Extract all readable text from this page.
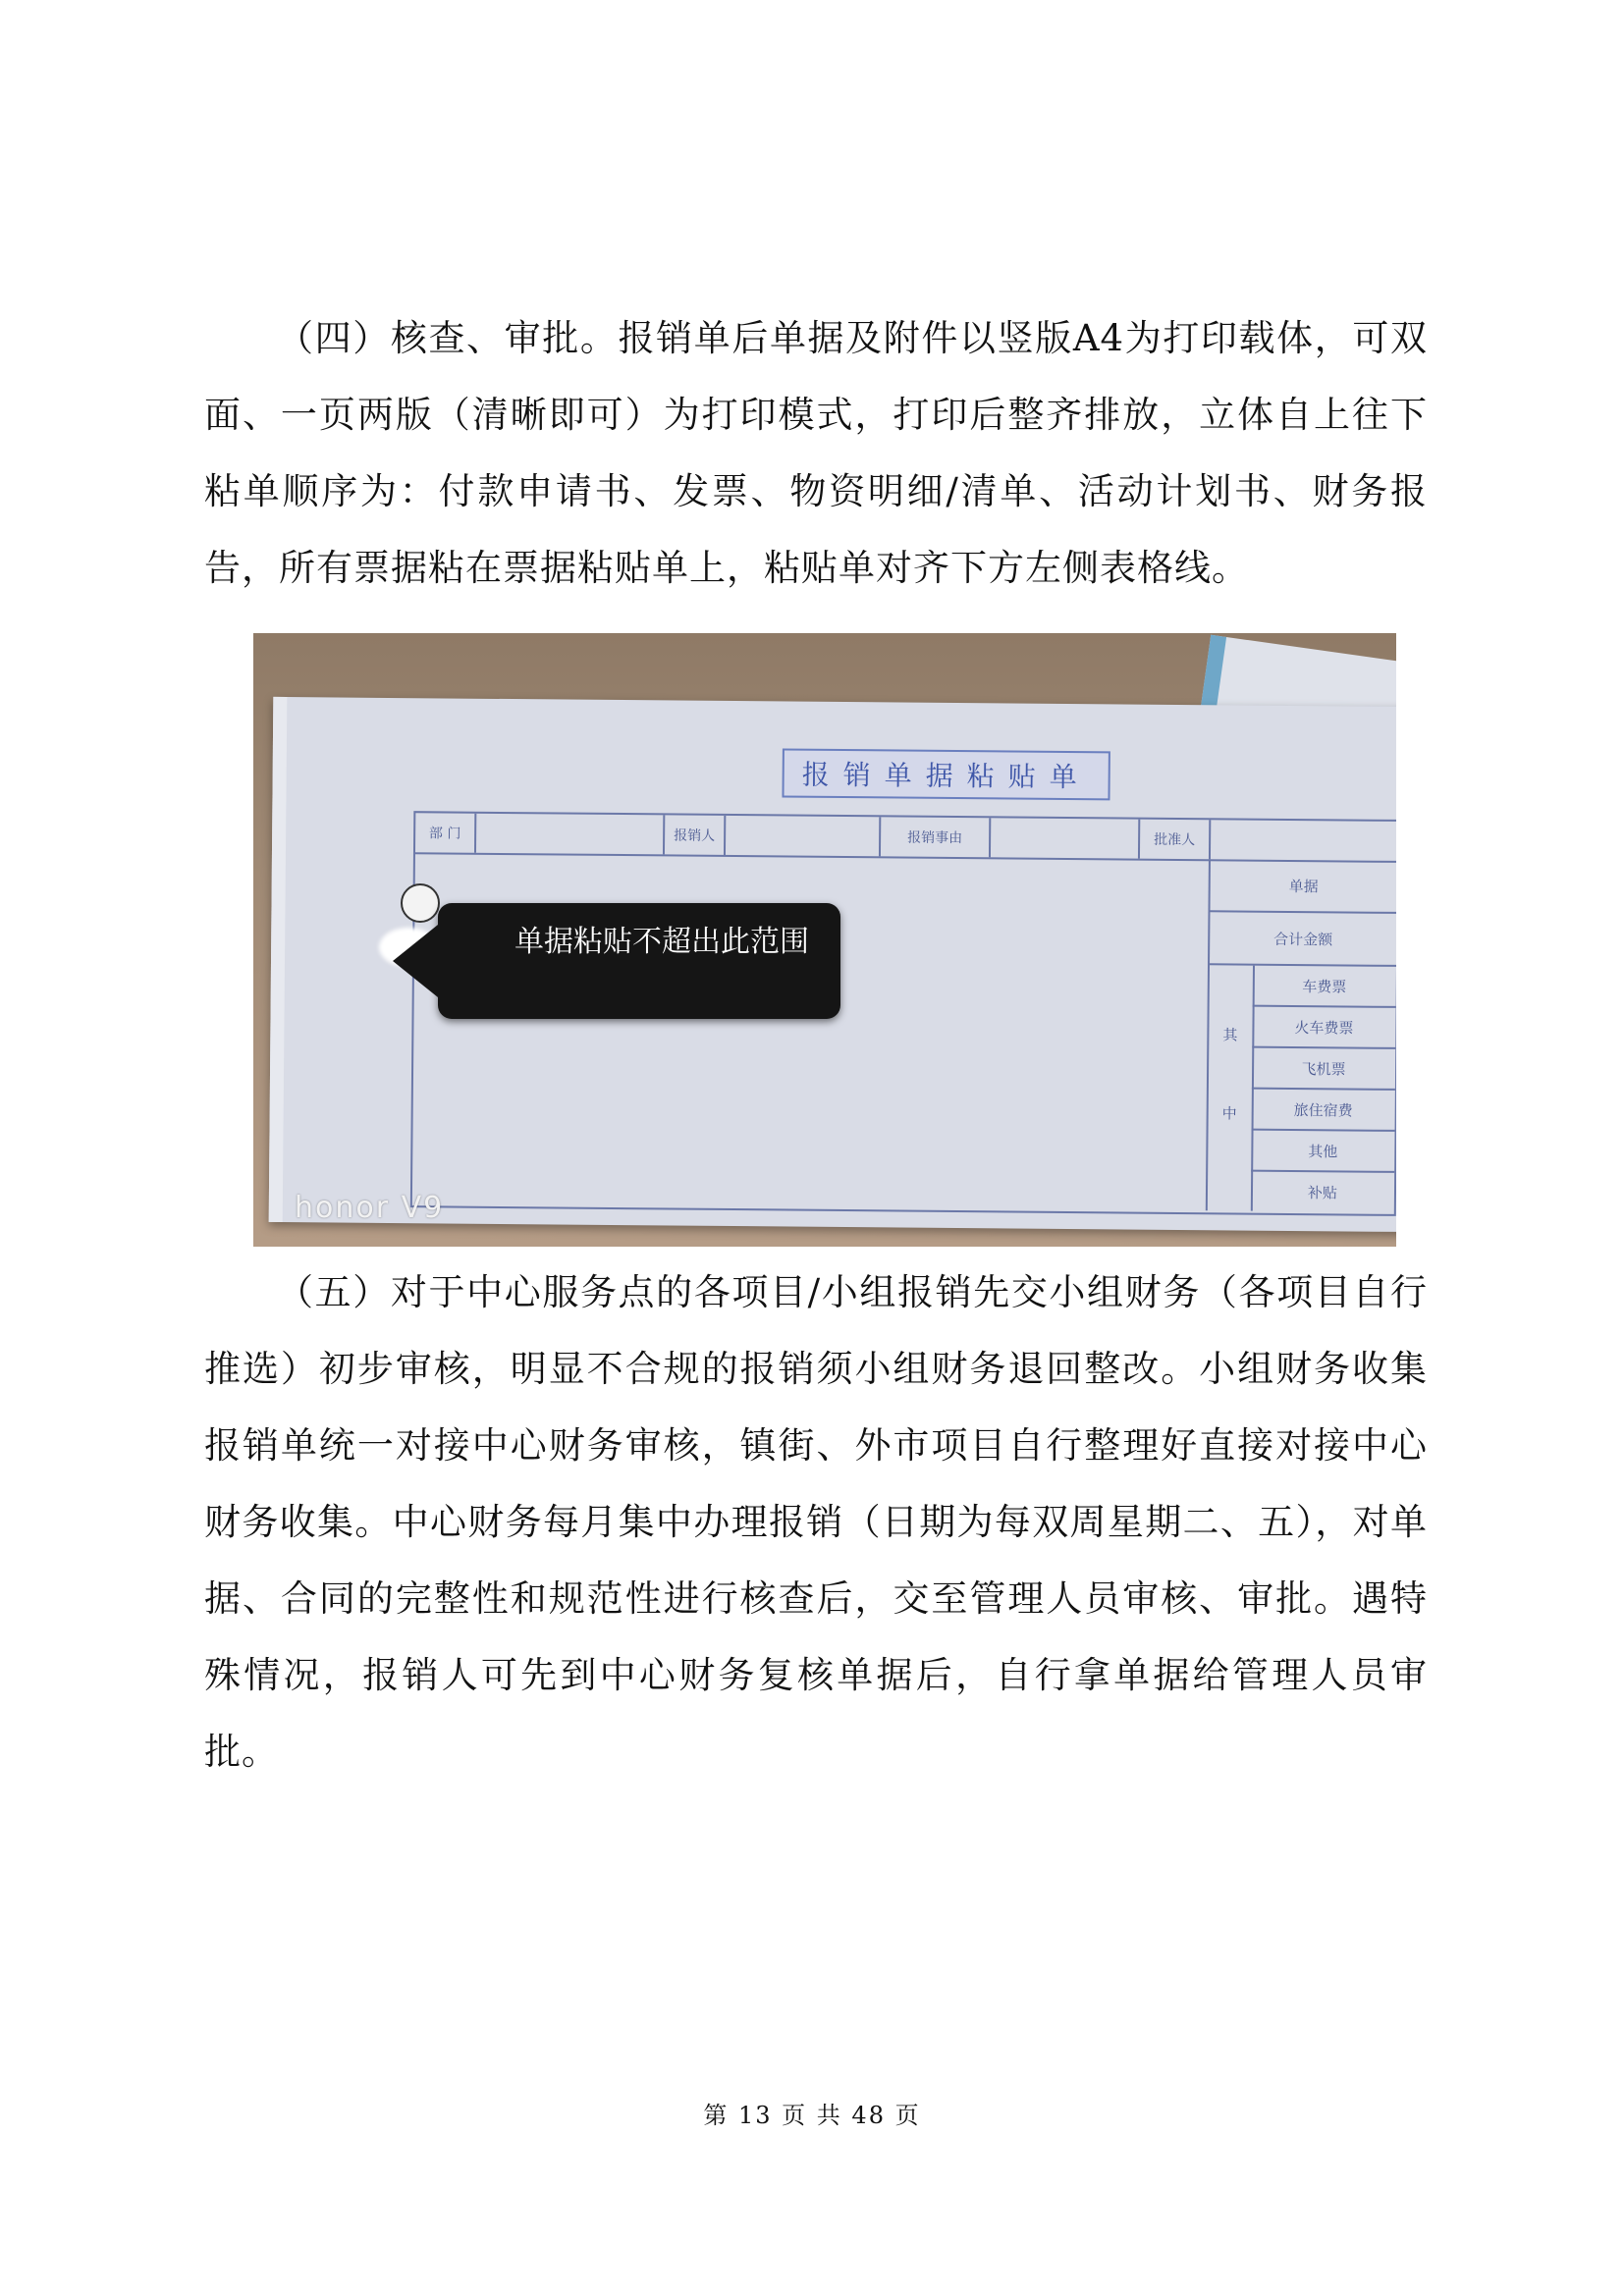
（四）核查、审批。报销单后单据及附件以竖版A4为打印载体，可双面、一页两版（清晰即可）为打印模式，打印后整齐排放，立体自上往下粘单顺序为：付款申请书、发票、物资明细/清单、活动计划书、财务报告，所有票据粘在票据粘贴单上，粘贴单对齐下方左侧表格线。

报销单据粘贴单
部 门	报销人	报销事由	批准人
单据
合计金额
其
中
车费票
火车费票
飞机票
旅住宿费
其他
补贴
单据粘贴不超出此范围
honor V9

（五）对于中心服务点的各项目/小组报销先交小组财务（各项目自行推选）初步审核，明显不合规的报销须小组财务退回整改。小组财务收集报销单统一对接中心财务审核，镇街、外市项目自行整理好直接对接中心财务收集。中心财务每月集中办理报销（日期为每双周星期二、五），对单据、合同的完整性和规范性进行核查后，交至管理人员审核、审批。遇特殊情况，报销人可先到中心财务复核单据后，自行拿单据给管理人员审批。

第 13 页 共 48 页
